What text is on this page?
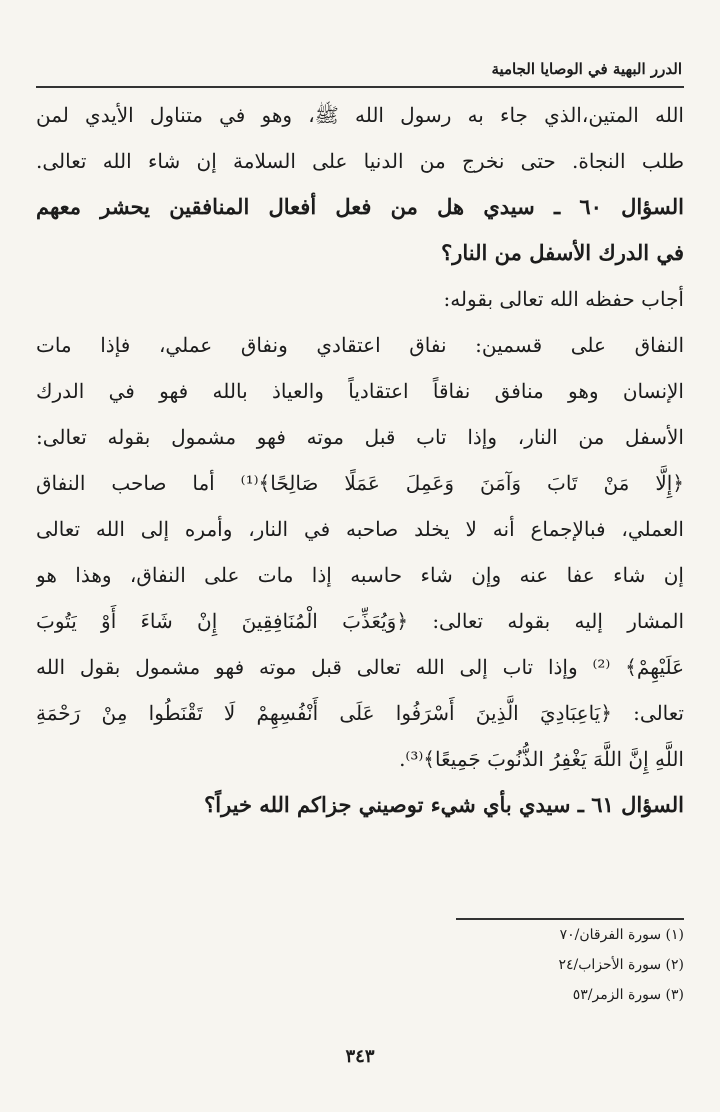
الدرر البهية في الوصايا الجامية
الله المتين،الذي جاء به رسول الله ﷺ، وهو في متناول الأيدي لمن
طلب النجاة. حتى نخرج من الدنيا على السلامة إن شاء الله تعالى.
السؤال ٦٠ ـ سيدي هل من فعل أفعال المنافقين يحشر معهم
في الدرك الأسفل من النار؟
أجاب حفظه الله تعالى بقوله:
النفاق على قسمين: نفاق اعتقادي ونفاق عملي، فإذا مات
الإنسان وهو منافق نفاقاً اعتقادياً والعياذ بالله فهو في الدرك
الأسفل من النار، وإذا تاب قبل موته فهو مشمول بقوله تعالى:
﴿إِلَّا مَنْ تَابَ وَآمَنَ وَعَمِلَ عَمَلًا صَالِحًا﴾⁽¹⁾ أما صاحب النفاق
العملي، فبالإجماع أنه لا يخلد صاحبه في النار، وأمره إلى الله تعالى
إن شاء عفا عنه وإن شاء حاسبه إذا مات على النفاق، وهذا هو
المشار إليه بقوله تعالى: ﴿وَيُعَذِّبَ الْمُنَافِقِينَ إِنْ شَاءَ أَوْ يَتُوبَ
عَلَيْهِمْ﴾ ⁽²⁾ وإذا تاب إلى الله تعالى قبل موته فهو مشمول بقول الله
تعالى: ﴿يَاعِبَادِيَ الَّذِينَ أَسْرَفُوا عَلَى أَنْفُسِهِمْ لَا تَقْنَطُوا مِنْ رَحْمَةِ
اللَّهِ إِنَّ اللَّهَ يَغْفِرُ الذُّنُوبَ جَمِيعًا﴾⁽³⁾.
السؤال ٦١ ـ سيدي بأي شيء توصيني جزاكم الله خيراً؟
(١) سورة الفرقان/٧٠
(٢) سورة الأحزاب/٢٤
(٣) سورة الزمر/٥٣
٣٤٣
